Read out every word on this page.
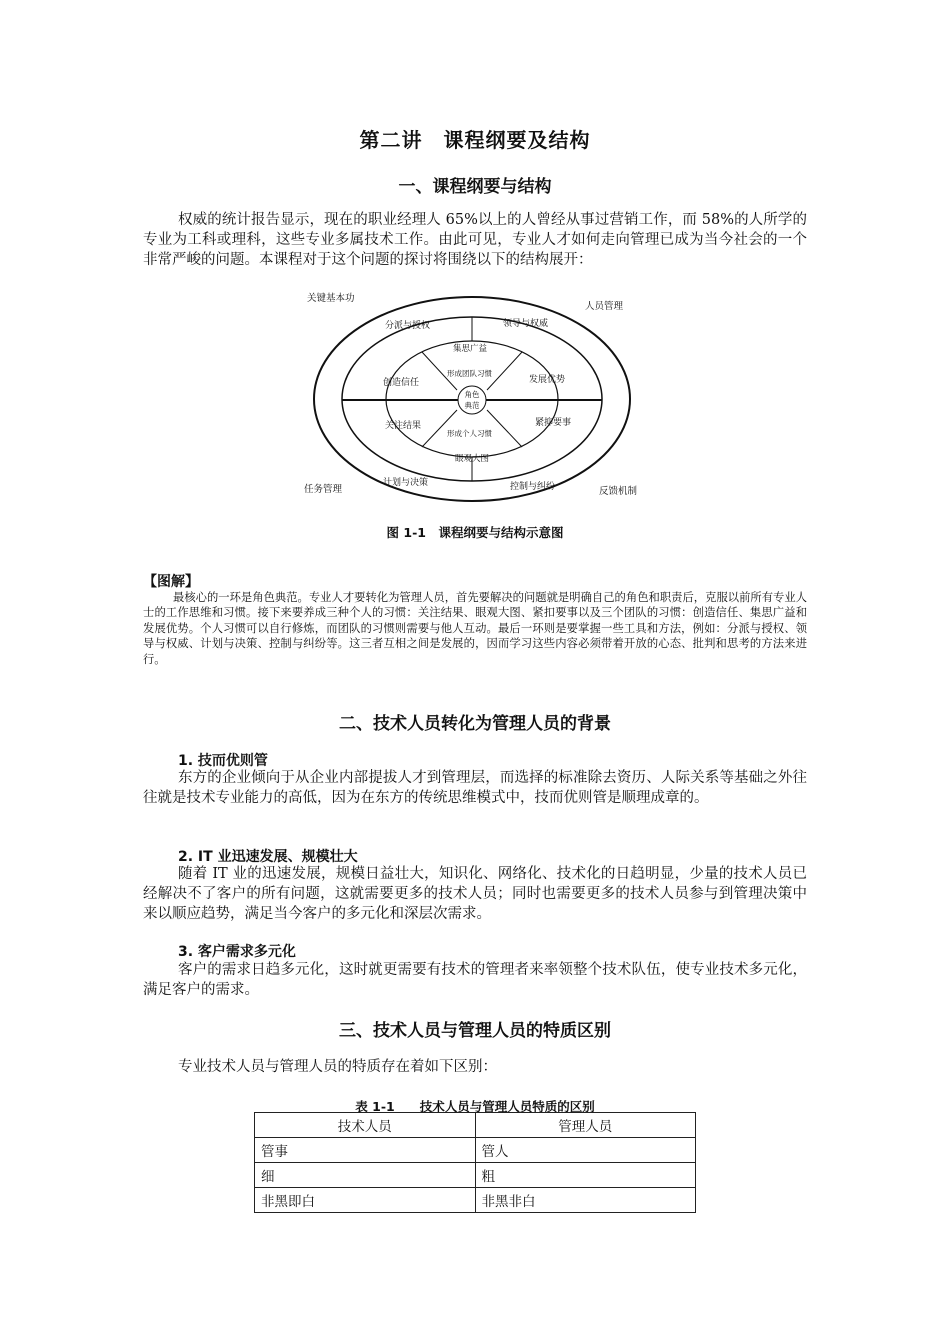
第二讲　课程纲要及结构
一、课程纲要与结构

权威的统计报告显示，现在的职业经理人 65%以上的人曾经从事过营销工作，而 58%的人所学的专业为工科或理科，这些专业多属技术工作。由此可见，专业人才如何走向管理已成为当今社会的一个非常严峻的问题。本课程对于这个问题的探讨将围绕以下的结构展开：

角色
典范
关键基本功
人员管理
任务管理	反馈机制
分派与授权	领导与权威
创造信任	发展优势
关注结果	紧抑要事
计划与决策	控制与纠纷
集思广益
形成团队习惯
形成个人习惯
眼观大图
图 1-1　课程纲要与结构示意图
【图解】

最核心的一环是角色典范。专业人才要转化为管理人员，首先要解决的问题就是明确自己的角色和职责后，克服以前所有专业人士的工作思维和习惯。接下来要养成三种个人的习惯：关注结果、眼观大图、紧扣要事以及三个团队的习惯：创造信任、集思广益和发展优势。个人习惯可以自行修炼，而团队的习惯则需要与他人互动。最后一环则是要掌握一些工具和方法，例如：分派与授权、领导与权威、计划与决策、控制与纠纷等。这三者互相之间是发展的，因而学习这些内容必须带着开放的心态、批判和思考的方法来进行。

二、技术人员转化为管理人员的背景
1. 技而优则管

东方的企业倾向于从企业内部提拔人才到管理层，而选择的标准除去资历、人际关系等基础之外往往就是技术专业能力的高低，因为在东方的传统思维模式中，技而优则管是顺理成章的。

2. IT 业迅速发展、规模壮大

随着 IT 业的迅速发展，规模日益壮大，知识化、网络化、技术化的日趋明显，少量的技术人员已经解决不了客户的所有问题，这就需要更多的技术人员；同时也需要更多的技术人员参与到管理决策中来以顺应趋势，满足当今客户的多元化和深层次需求。

3. 客户需求多元化

客户的需求日趋多元化，这时就更需要有技术的管理者来率领整个技术队伍，使专业技术多元化，满足客户的需求。

三、技术人员与管理人员的特质区别

专业技术人员与管理人员的特质存在着如下区别：

表 1-1　　技术人员与管理人员特质的区别
技术人员	管理人员
管事	管人
细	粗
非黑即白	非黑非白
